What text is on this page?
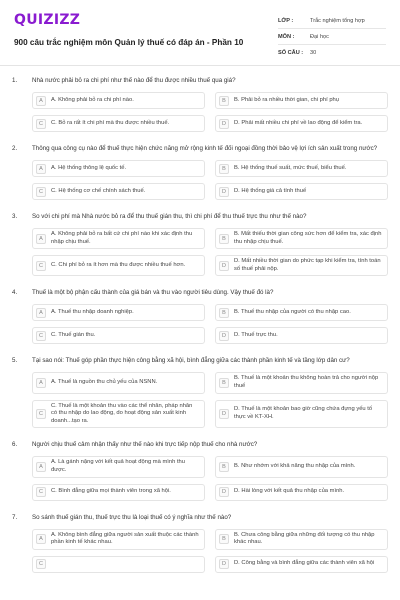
QUIZIZZ
900 câu trắc nghiệm môn Quản lý thuế có đáp án - Phần 10
LỚP :	Trắc nghiệm tổng hợp
MÔN :	Đại học
SỐ CÂU :	30
1.	Nhà nước phải bỏ ra chi phí như thế nào để thu được nhiều thuế qua giá?
A	A. Không phải bỏ ra chi phí nào.	B	B. Phải bỏ ra nhiều thời gian, chi phí phụ
C	C. Bỏ ra rất ít chi phí mà thu được nhiều thuế.	D	D. Phải mất nhiều chi phí về lao động để kiểm tra.
2.	Thông qua công cụ nào để thuế thực hiện chức năng mở rộng kinh tế đối ngoại đồng thời bảo vệ lợi ích sản xuất trong nước?
A	A. Hệ thống thông lệ quốc tế.	B	B. Hệ thống thuế suất, mức thuế, biểu thuế.
C	C. Hệ thống cơ chế chính sách thuế.	D	D. Hệ thống giá cả tính thuế
3.	So với chi phí mà Nhà nước bỏ ra để thu thuế gián thu, thì chi phí để thu thuế trực thu như thế nào?
A
A. Không phải bỏ ra bất cứ chi phí nào khi xác định thu nhập chịu thuế.	B
B. Mất thiếu thời gian công sức hơn để kiểm tra, xác định thu nhập chịu thuế.
C	C. Chi phí bỏ ra ít hơn mà thu được nhiều thuế hơn.	D
D. Mất nhiều thời gian do phức tạp khi kiểm tra, tính toán số thuế phải nộp.
4.	Thuế là một bộ phận cấu thành của giá bán và thu vào người tiêu dùng. Vậy thuế đó là?
A	A. Thuế thu nhập doanh nghiệp.	B	B. Thuế thu nhập của người có thu nhập cao.
C	C. Thuế gián thu.	D	D. Thuế trực thu.
5.	Tại sao nói: Thuế góp phần thực hiện công bằng xã hội, bình đẳng giữa các thành phần kinh tế và tầng lớp dân cư?
A	A. Thuế là nguồn thu chủ yếu của NSNN.	B
B. Thuế là một khoản thu không hoàn trả cho người nộp thuế
C
C. Thuế là một khoản thu vào các thể nhân, pháp nhân có thu nhập do lao động, do hoạt động sản xuất kinh doanh...tạo ra.
D
D. Thuế là một khoản bao giờ cũng chứa đựng yếu tố thực về KT-XH.
6.	Người chịu thuế cảm nhận thấy như thế nào khi trực tiếp nộp thuế cho nhà nước?
A
A. Là gánh nặng với kết quả hoạt động mà mình thu được.	B	B. Như nhớm với khả năng thu nhập của mình.
C	C. Bình đẳng giữa mọi thành viên trong xã hội.	D	D. Hài lòng với kết quả thu nhập của mình.
7.	So sánh thuế gián thu, thuế trực thu là loại thuế có ý nghĩa như thế nào?
A
A. Không bình đẳng giữa người sản xuất thuộc các thành phần kinh tế khác nhau.	B
B. Chưa công bằng giữa những đối tượng có thu nhập khác nhau.
C	D	D. Công bằng và bình đẳng giữa các thành viên xã hội
